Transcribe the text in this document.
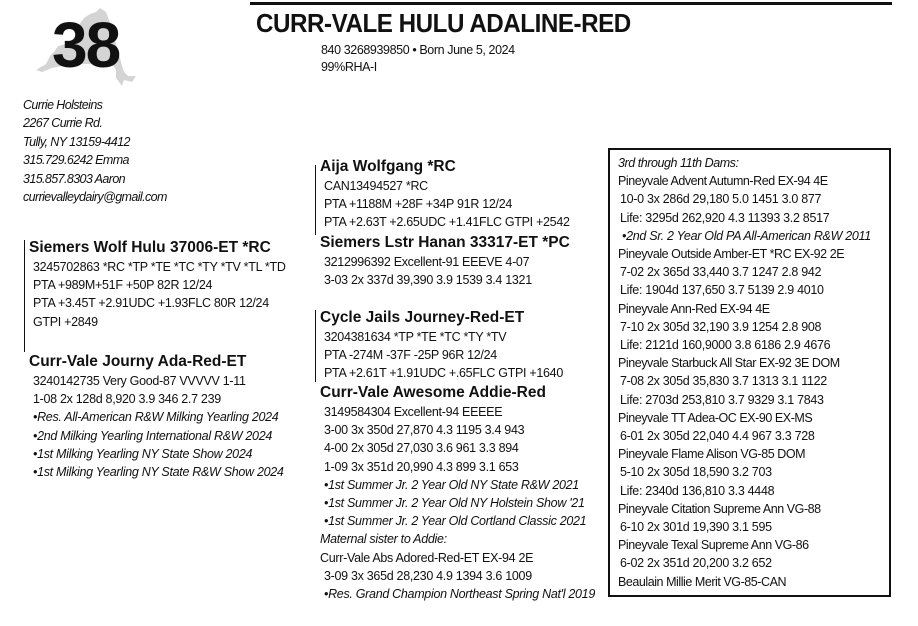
38	CURR-VALE HULU ADALINE-RED
840 3268939850 • Born June 5, 2024
99%RHA-I
Currie Holsteins
2267 Currie Rd.
Tully, NY 13159-4412
315.729.6242 Emma
315.857.8303 Aaron
currievalleydairy@gmail.com
Siemers Wolf Hulu 37006-ET *RC
3245702863 *RC *TP *TE *TC *TY *TV *TL *TD
PTA +989M+51F +50P 82R 12/24
PTA +3.45T +2.91UDC +1.93FLC 80R 12/24
GTPI +2849
Curr-Vale Journy Ada-Red-ET
3240142735 Very Good-87 VVVVV 1-11
1-08 2x 128d 8,920 3.9 346 2.7 239
•Res. All-American R&W Milking Yearling 2024
•2nd Milking Yearling International R&W 2024
•1st Milking Yearling NY State Show 2024
•1st Milking Yearling NY State R&W Show 2024
Aija Wolfgang *RC
CAN13494527 *RC
PTA +1188M +28F +34P 91R 12/24
PTA +2.63T +2.65UDC +1.41FLC GTPI +2542
Siemers Lstr Hanan 33317-ET *PC
3212996392 Excellent-91 EEEVE 4-07
3-03 2x 337d 39,390 3.9 1539 3.4 1321
Cycle Jails Journey-Red-ET
3204381634 *TP *TE *TC *TY *TV
PTA -274M -37F -25P 96R 12/24
PTA +2.61T +1.91UDC +.65FLC GTPI +1640
Curr-Vale Awesome Addie-Red
3149584304 Excellent-94 EEEEE
3-00 3x 350d 27,870 4.3 1195 3.4 943
4-00 2x 305d 27,030 3.6 961 3.3 894
1-09 3x 351d 20,990 4.3 899 3.1 653
•1st Summer Jr. 2 Year Old NY State R&W 2021
•1st Summer Jr. 2 Year Old NY Holstein Show '21
•1st Summer Jr. 2 Year Old Cortland Classic 2021
Maternal sister to Addie:
Curr-Vale Abs Adored-Red-ET EX-94 2E
3-09 3x 365d 28,230 4.9 1394 3.6 1009
•Res. Grand Champion Northeast Spring Nat'l 2019
3rd through 11th Dams:
Pineyvale Advent Autumn-Red EX-94 4E
10-0 3x 286d 29,180 5.0 1451 3.0 877
Life: 3295d 262,920 4.3 11393 3.2 8517
•2nd Sr. 2 Year Old PA All-American R&W 2011
Pineyvale Outside Amber-ET *RC EX-92 2E
7-02 2x 365d 33,440 3.7 1247 2.8 942
Life: 1904d 137,650 3.7 5139 2.9 4010
Pineyvale Ann-Red EX-94 4E
7-10 2x 305d 32,190 3.9 1254 2.8 908
Life: 2121d 160,9000 3.8 6186 2.9 4676
Pineyvale Starbuck All Star EX-92 3E DOM
7-08 2x 305d 35,830 3.7 1313 3.1 1122
Life: 2703d 253,810 3.7 9329 3.1 7843
Pineyvale TT Adea-OC EX-90 EX-MS
6-01 2x 305d 22,040 4.4 967 3.3 728
Pineyvale Flame Alison VG-85 DOM
5-10 2x 305d 18,590 3.2 703
Life: 2340d 136,810 3.3 4448
Pineyvale Citation Supreme Ann VG-88
6-10 2x 301d 19,390 3.1 595
Pineyvale Texal Supreme Ann VG-86
6-02 2x 351d 20,200 3.2 652
Beaulain Millie Merit VG-85-CAN
